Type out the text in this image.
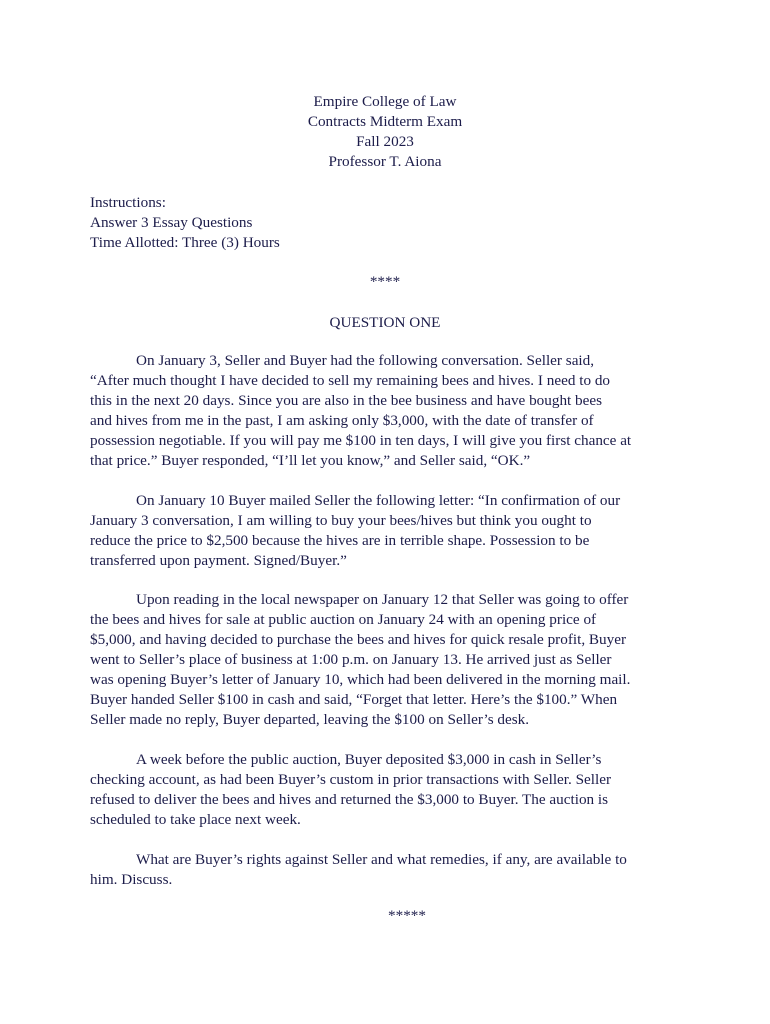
Empire College of Law
Contracts Midterm Exam
Fall 2023
Professor T. Aiona
Instructions:
Answer 3 Essay Questions
Time Allotted: Three (3) Hours
****
QUESTION ONE
On January 3, Seller and Buyer had the following conversation. Seller said,
“After much thought I have decided to sell my remaining bees and hives. I need to do
this in the next 20 days. Since you are also in the bee business and have bought bees
and hives from me in the past, I am asking only $3,000, with the date of transfer of
possession negotiable. If you will pay me $100 in ten days, I will give you first chance at
that price.” Buyer responded, “I’ll let you know,” and Seller said, “OK.”
On January 10 Buyer mailed Seller the following letter: “In confirmation of our
January 3 conversation, I am willing to buy your bees/hives but think you ought to
reduce the price to $2,500 because the hives are in terrible shape. Possession to be
transferred upon payment. Signed/Buyer.”
Upon reading in the local newspaper on January 12 that Seller was going to offer
the bees and hives for sale at public auction on January 24 with an opening price of
$5,000, and having decided to purchase the bees and hives for quick resale profit, Buyer
went to Seller’s place of business at 1:00 p.m. on January 13. He arrived just as Seller
was opening Buyer’s letter of January 10, which had been delivered in the morning mail.
Buyer handed Seller $100 in cash and said, “Forget that letter. Here’s the $100.” When
Seller made no reply, Buyer departed, leaving the $100 on Seller’s desk.
A week before the public auction, Buyer deposited $3,000 in cash in Seller’s
checking account, as had been Buyer’s custom in prior transactions with Seller. Seller
refused to deliver the bees and hives and returned the $3,000 to Buyer. The auction is
scheduled to take place next week.
What are Buyer’s rights against Seller and what remedies, if any, are available to
him. Discuss.
*****
